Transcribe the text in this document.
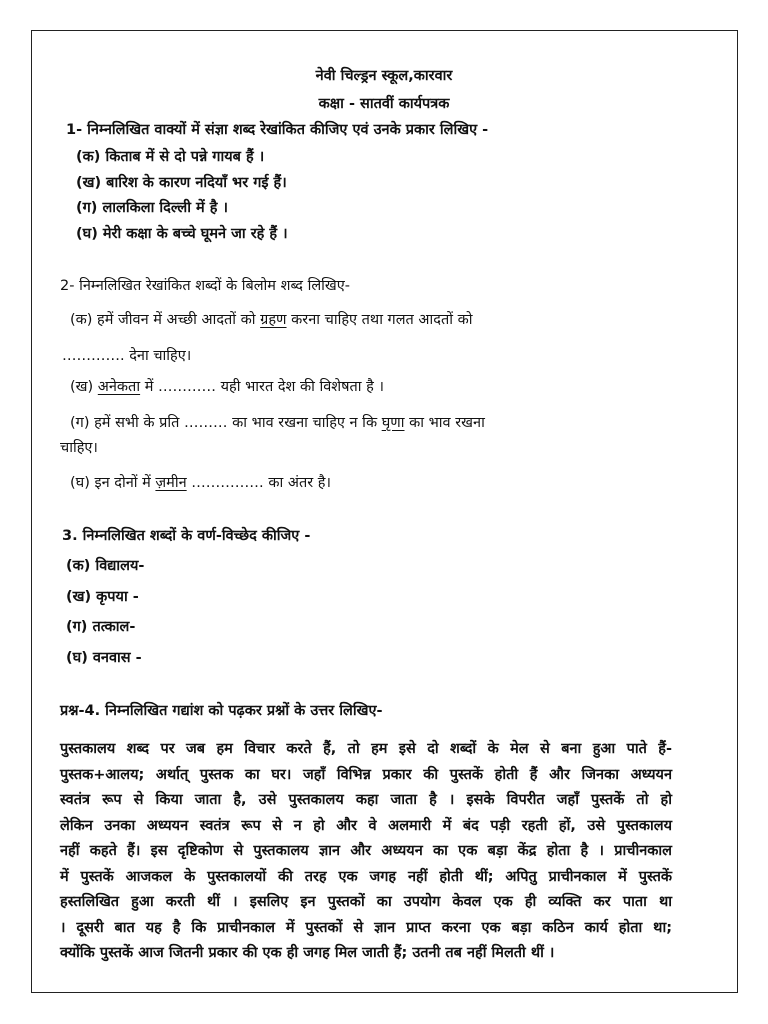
नेवी चिल्ड्रन स्कूल,कारवार
कक्षा - सातवीं कार्यपत्रक
1- निम्नलिखित वाक्यों में संज्ञा शब्द रेखांकित कीजिए एवं उनके प्रकार लिखिए -
(क) किताब में से दो पन्ने गायब हैं ।
(ख) बारिश के कारण नदियाँ भर गई हैं।
(ग) लालकिला दिल्ली में है ।
(घ) मेरी कक्षा के बच्चे घूमने जा रहे हैं ।
2- निम्नलिखित रेखांकित शब्दों के बिलोम शब्द लिखिए-
(क) हमें जीवन में अच्छी आदतों को ग्रहण करना चाहिए तथा गलत आदतों को
…………. देना चाहिए।
(ख) अनेकता में ………… यही भारत देश की विशेषता है ।
(ग) हमें सभी के प्रति ……… का भाव रखना चाहिए न कि घृणा का भाव रखना
चाहिए।
(घ) इन दोनों में ज़मीन …………… का अंतर है।
3. निम्नलिखित शब्दों के वर्ण-विच्छेद कीजिए -
(क) विद्यालय-
(ख) कृपया -
(ग) तत्काल-
(घ) वनवास -
प्रश्न-4. निम्नलिखित गद्यांश को पढ़कर प्रश्नों के उत्तर लिखिए-
पुस्तकालय शब्द पर जब हम विचार करते हैं, तो हम इसे दो शब्दों के मेल से बना हुआ पाते हैं-
पुस्तक+आलय; अर्थात् पुस्तक का घर। जहाँ विभिन्न प्रकार की पुस्तकें होती हैं और जिनका अध्ययन
स्वतंत्र रूप से किया जाता है, उसे पुस्तकालय कहा जाता है । इसके विपरीत जहाँ पुस्तकें तो हो
लेकिन उनका अध्ययन स्वतंत्र रूप से न हो और वे अलमारी में बंद पड़ी रहती हों, उसे पुस्तकालय
नहीं कहते हैं। इस दृष्टिकोण से पुस्तकालय ज्ञान और अध्ययन का एक बड़ा केंद्र होता है । प्राचीनकाल
में पुस्तकें आजकल के पुस्तकालयों की तरह एक जगह नहीं होती थीं; अपितु प्राचीनकाल में पुस्तकें
हस्तलिखित हुआ करती थीं । इसलिए इन पुस्तकों का उपयोग केवल एक ही व्यक्ति कर पाता था
। दूसरी बात यह है कि प्राचीनकाल में पुस्तकों से ज्ञान प्राप्त करना एक बड़ा कठिन कार्य होता था;
क्योंकि पुस्तकें आज जितनी प्रकार की एक ही जगह मिल जाती हैं; उतनी तब नहीं मिलती थीं ।
